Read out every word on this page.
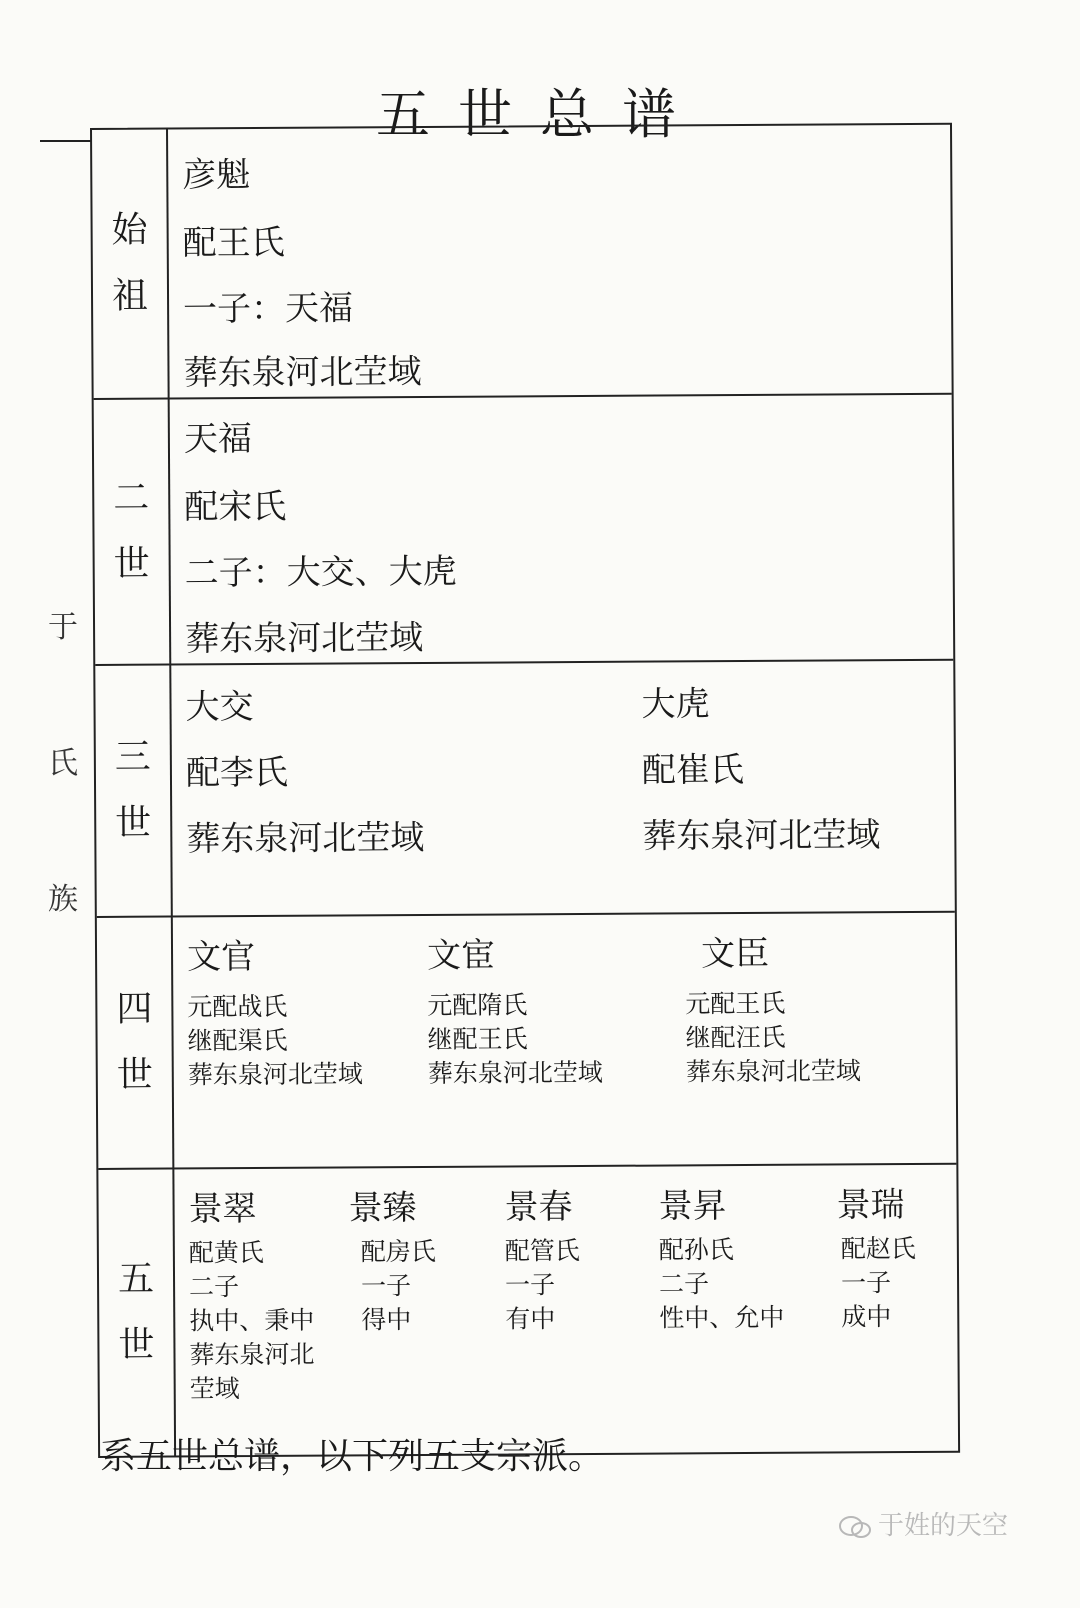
五世总谱
于
氏
族
始
祖
彦魁
配王氏
一子：天福
葬东泉河北茔域
二
世
天福
配宋氏
二子：大交、大虎
葬东泉河北茔域
三
世
大交
配李氏
葬东泉河北茔域
大虎
配崔氏
葬东泉河北茔域
四
世
文官
元配战氏
继配渠氏
葬东泉河北茔域
文宦
元配隋氏
继配王氏
葬东泉河北茔域
文臣
元配王氏
继配汪氏
葬东泉河北茔域
五
世
景翠
配黄氏
二子
执中、秉中
葬东泉河北
茔域
景臻
配房氏
一子
得中
景春
配管氏
一子
有中
景昇
配孙氏
二子
性中、允中
景瑞
配赵氏
一子
成中
系五世总谱，以下列五支宗派。
于姓的天空
